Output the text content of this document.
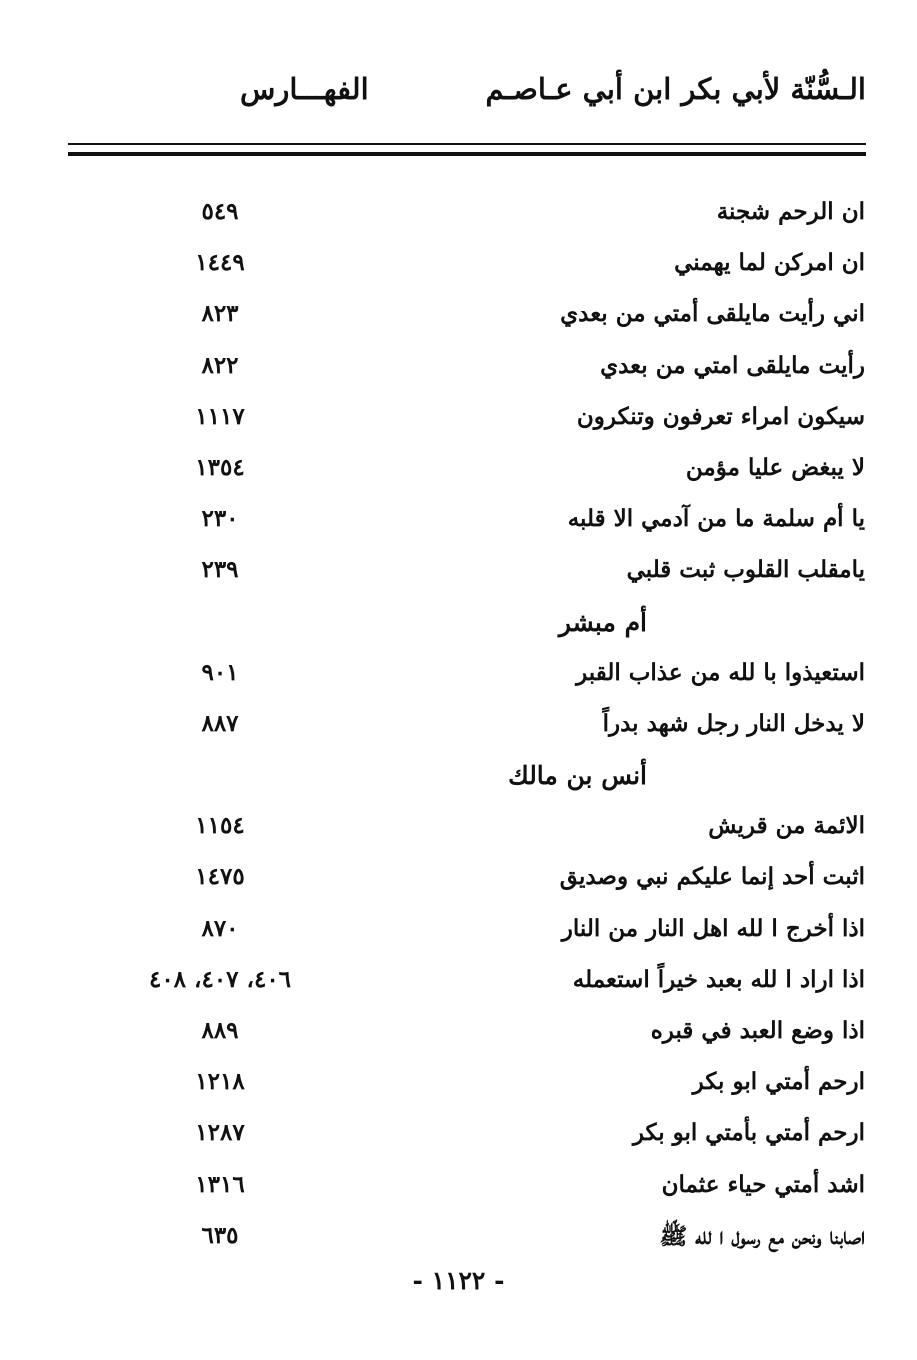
الـسُّنّة لأبي بكر ابن أبي عـاصـم
الفهـــارس
ان الرحم شجنة
٥٤٩
ان امركن لما يهمني
١٤٤٩
اني رأيت مايلقى أمتي من بعدي
٨٢٣
رأيت مايلقى امتي من بعدي
٨٢٢
سيكون امراء تعرفون وتنكرون
١١١٧
لا يبغض عليا مؤمن
١٣٥٤
يا أم سلمة ما من آدمي الا قلبه
٢٣٠
يامقلب القلوب ثبت قلبي
٢٣٩
أم مبشر
استعيذوا با لله من عذاب القبر
٩٠١
لا يدخل النار رجل شهد بدراً
٨٨٧
أنس بن مالك
الائمة من قريش
١١٥٤
اثبت أحد إنما عليكم نبي وصديق
١٤٧٥
اذا أخرج ا لله اهل النار من النار
٨٧٠
اذا اراد ا لله بعبد خيراً استعمله
٤٠٦، ٤٠٧، ٤٠٨
اذا وضع العبد في قبره
٨٨٩
ارحم أمتي ابو بكر
١٢١٨
ارحم أمتي بأمتي ابو بكر
١٢٨٧
اشد أمتي حياء عثمان
١٣١٦
اصابنا ونحن مع رسول ا لله ﷺ
٦٣٥
- ١١٢٢ -
